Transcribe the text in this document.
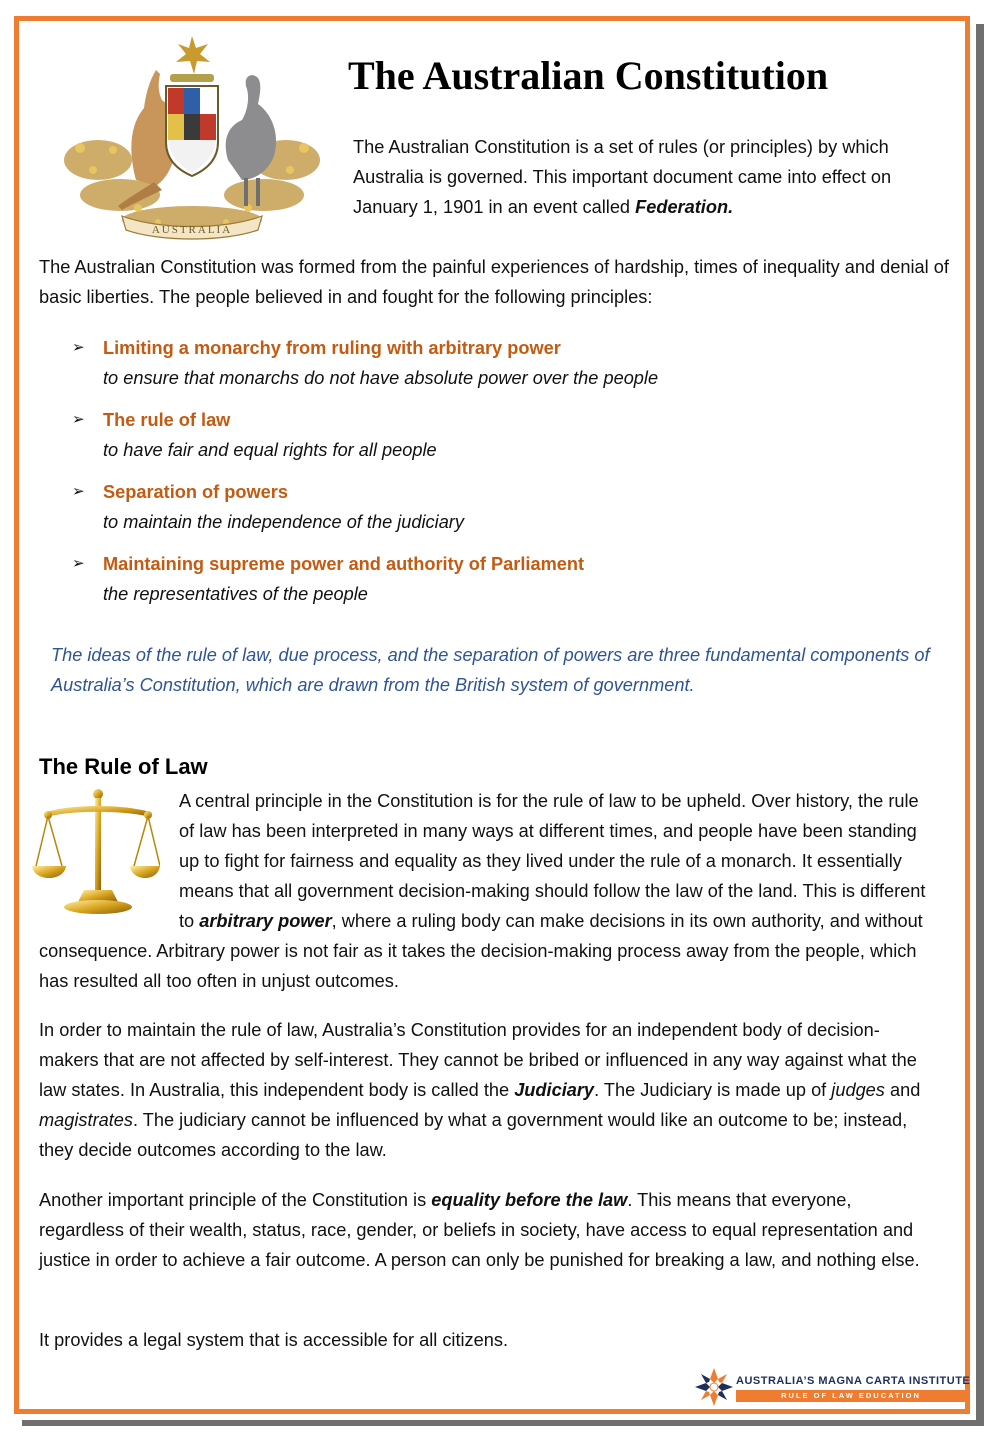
AUSTRALIA
The Australian Constitution

The Australian Constitution is a set of rules (or principles) by which Australia is governed. This important document came into effect on January 1, 1901 in an event called Federation.

The Australian Constitution was formed from the painful experiences of hardship, times of inequality and denial of basic liberties. The people believed in and fought for the following principles:

➢ Limiting a monarchy from ruling with arbitrary power

to ensure that monarchs do not have absolute power over the people

➢ The rule of law

to have fair and equal rights for all people

➢ Separation of powers

to maintain the independence of the judiciary

➢ Maintaining supreme power and authority of Parliament

the representatives of the people

The ideas of the rule of law, due process, and the separation of powers are three fundamental components of Australia’s Constitution, which are drawn from the British system of government.

The Rule of Law

A central principle in the Constitution is for the rule of law to be upheld. Over history, the rule of law has been interpreted in many ways at different times, and people have been standing up to fight for fairness and equality as they lived under the rule of a monarch. It essentially means that all government decision-making should follow the law of the land. This is different to arbitrary power, where a ruling body can make decisions in its own authority, and without consequence. Arbitrary power is not fair as it takes the decision-making process away from the people, which has resulted all too often in unjust outcomes.

In order to maintain the rule of law, Australia’s Constitution provides for an independent body of decision-makers that are not affected by self-interest. They cannot be bribed or influenced in any way against what the law states. In Australia, this independent body is called the Judiciary. The Judiciary is made up of judges and magistrates. The judiciary cannot be influenced by what a government would like an outcome to be; instead, they decide outcomes according to the law.

Another important principle of the Constitution is equality before the law. This means that everyone, regardless of their wealth, status, race, gender, or beliefs in society, have access to equal representation and justice in order to achieve a fair outcome. A person can only be punished for breaking a law, and nothing else.

It provides a legal system that is accessible for all citizens.

AUSTRALIA’S MAGNA CARTA INSTITUTE

RULE OF LAW EDUCATION
